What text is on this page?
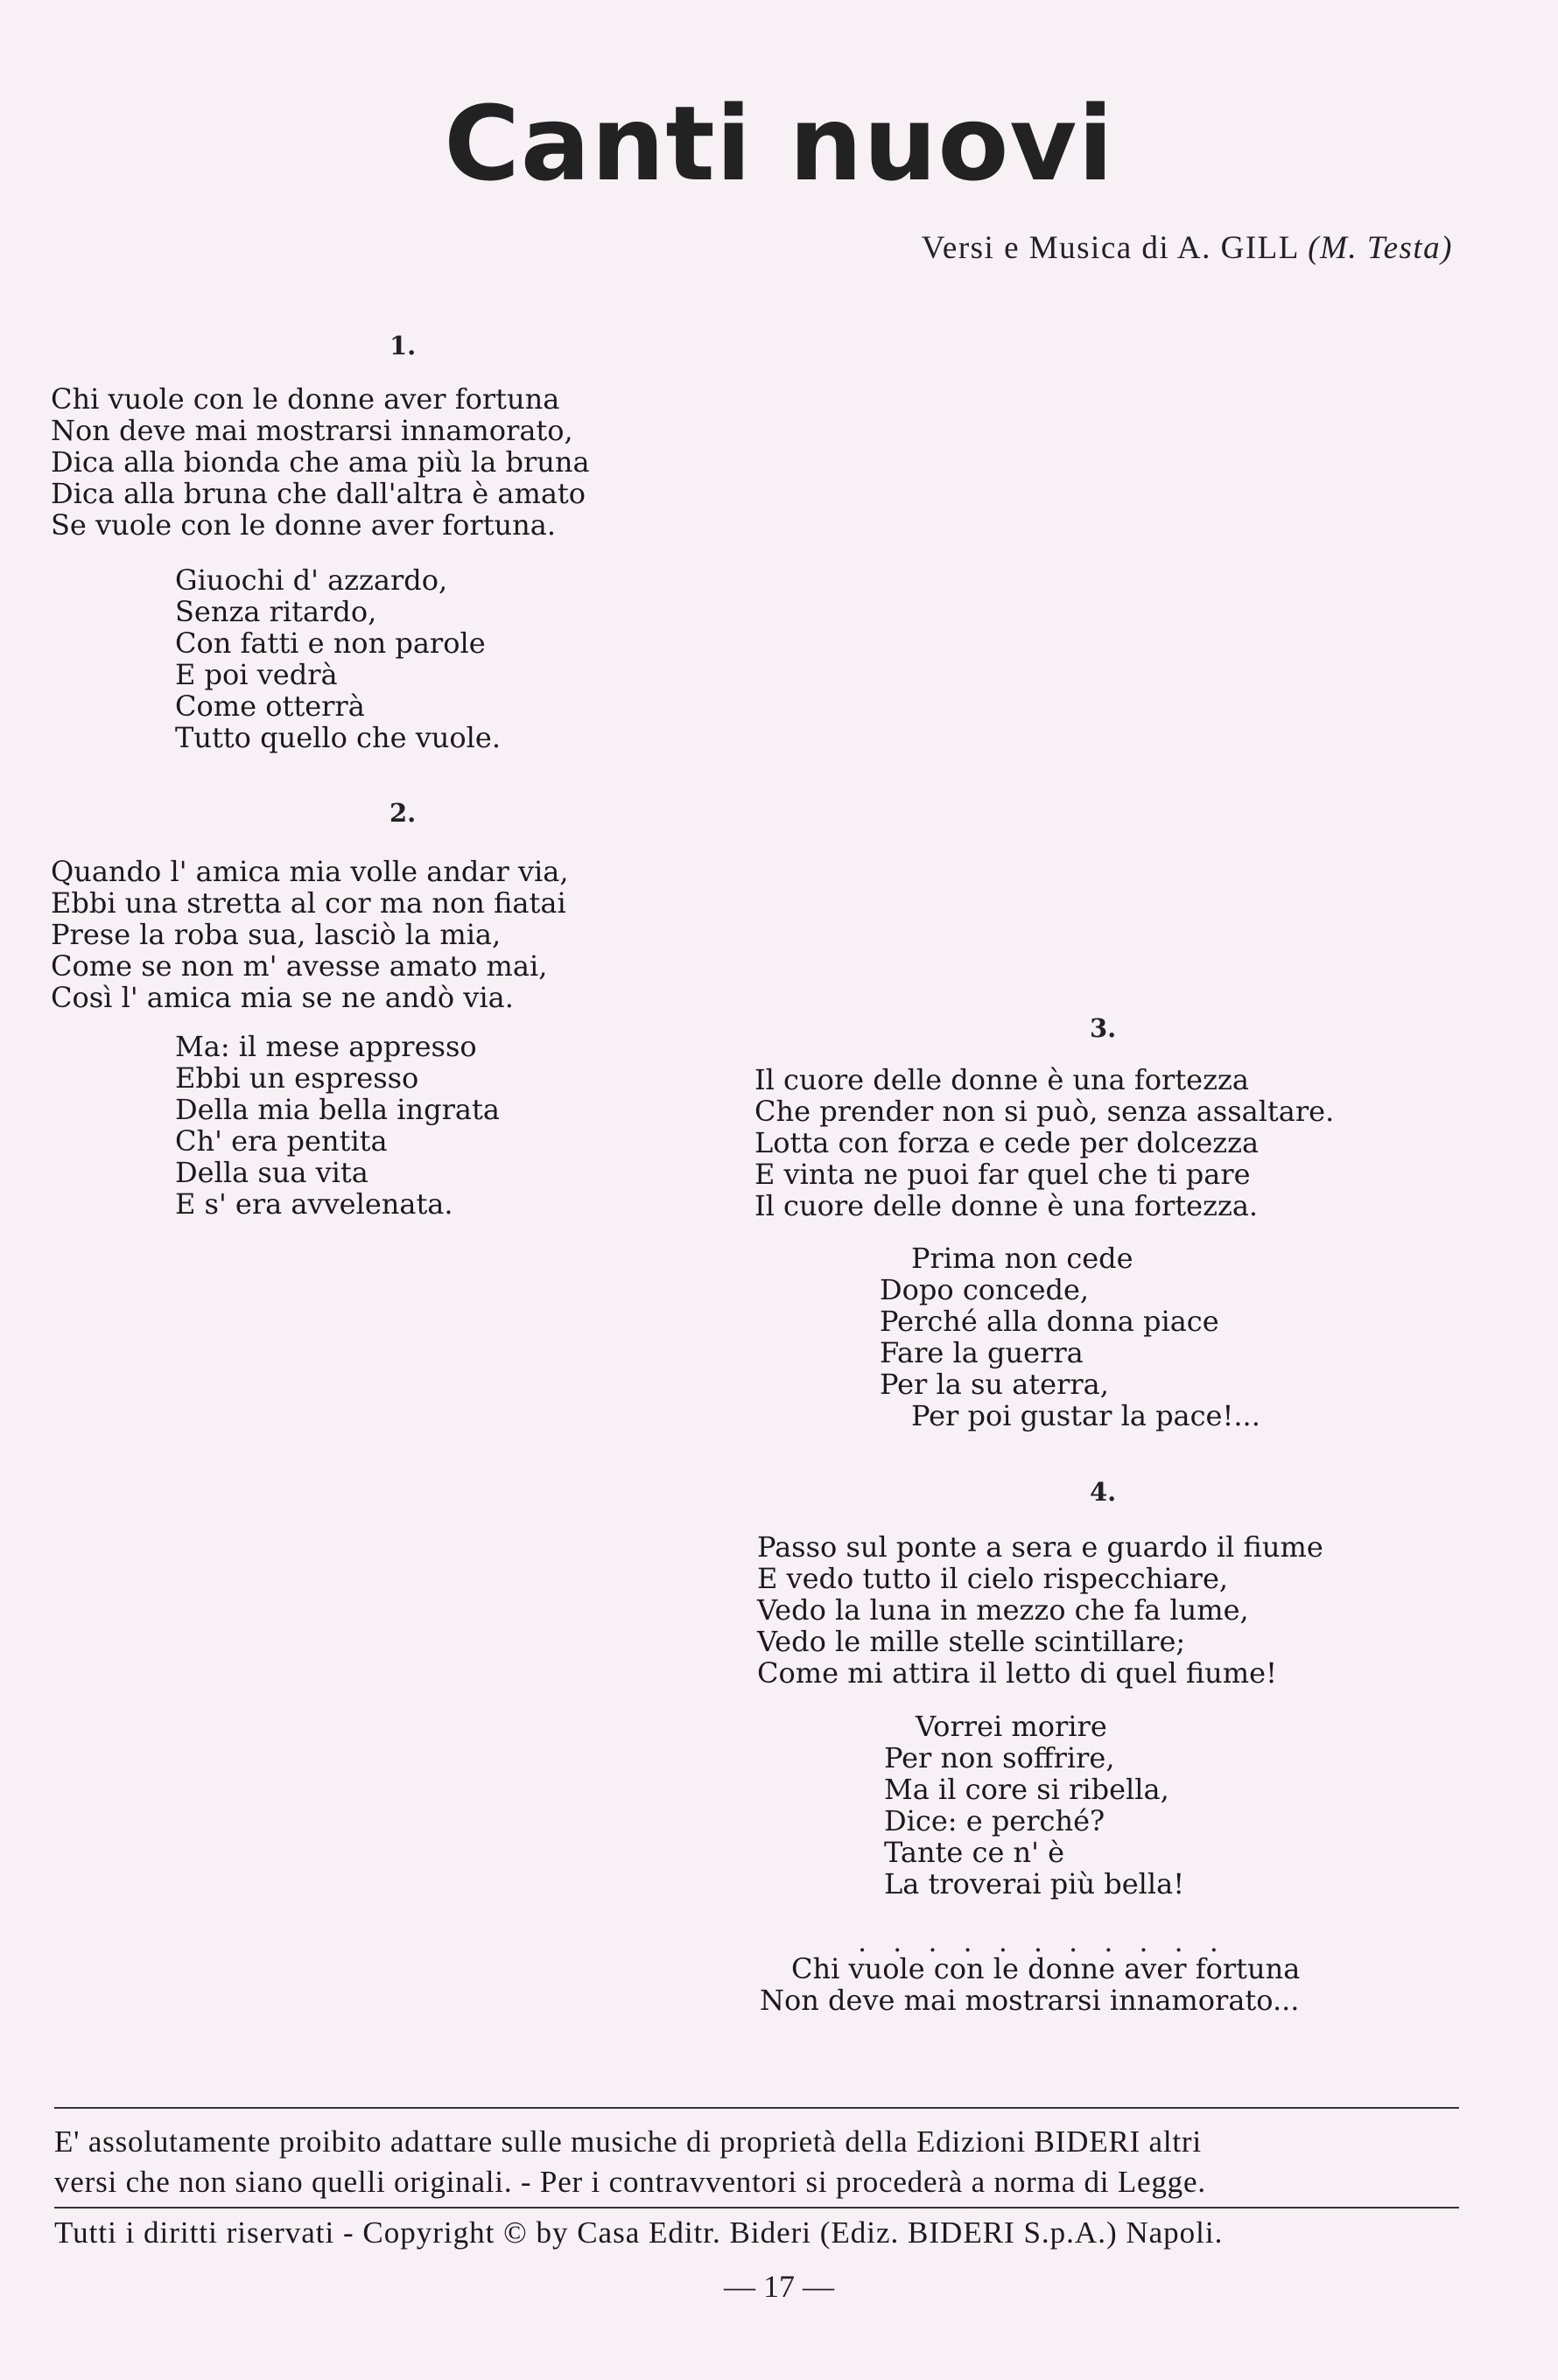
Canti nuovi
Versi e Musica di A. GILL (M. Testa)
1.
Chi vuole con le donne aver fortuna
Non deve mai mostrarsi innamorato,
Dica alla bionda che ama più la bruna
Dica alla bruna che dall'altra è amato
Se vuole con le donne aver fortuna.
Giuochi d' azzardo,
Senza ritardo,
Con fatti e non parole
E poi vedrà
Come otterrà
Tutto quello che vuole.
2.
Quando l' amica mia volle andar via,
Ebbi una stretta al cor ma non fiatai
Prese la roba sua, lasciò la mia,
Come se non m' avesse amato mai,
Così l' amica mia se ne andò via.
Ma: il mese appresso
Ebbi un espresso
Della mia bella ingrata
Ch' era pentita
Della sua vita
E s' era avvelenata.
3.
Il cuore delle donne è una fortezza
Che prender non si può, senza assaltare.
Lotta con forza e cede per dolcezza
E vinta ne puoi far quel che ti pare
Il cuore delle donne è una fortezza.
Prima non cede
Dopo concede,
Perché alla donna piace
Fare la guerra
Per la su aterra,
Per poi gustar la pace!...
4.
Passo sul ponte a sera e guardo il fiume
E vedo tutto il cielo rispecchiare,
Vedo la luna in mezzo che fa lume,
Vedo le mille stelle scintillare;
Come mi attira il letto di quel fiume!
Vorrei morire
Per non soffrire,
Ma il core si ribella,
Dice: e perché?
Tante ce n' è
La troverai più bella!
...........
Chi vuole con le donne aver fortuna
Non deve mai mostrarsi innamorato...
E' assolutamente proibito adattare sulle musiche di proprietà della Edizioni BIDERI altri
versi che non siano quelli originali. - Per i contravventori si procederà a norma di Legge.
Tutti i diritti riservati - Copyright © by Casa Editr. Bideri (Ediz. BIDERI S.p.A.) Napoli.
— 17 —
